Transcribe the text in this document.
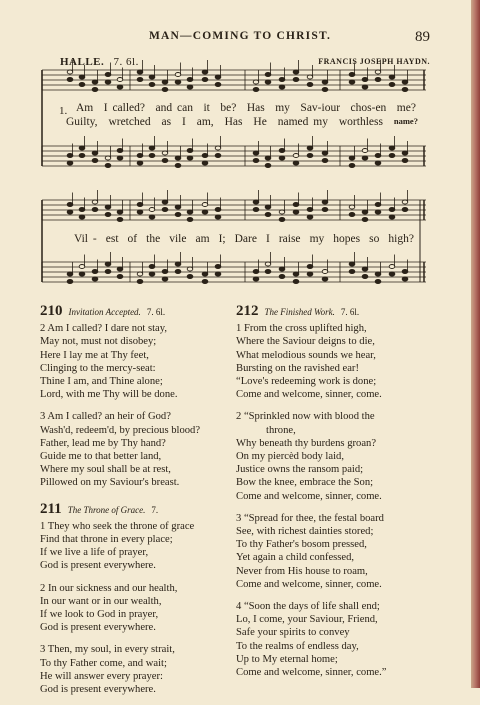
MAN—COMING TO CHRIST.	89
HALLE. 7. 6l.	FRANCIS JOSEPH HAYDN.
1. Am I called? and can it be? Has my Sav-iour chos-en me?
Guilty, wretched as I am, Has He named my worthless name?
Vil - est of the vile am I; Dare I raise my hopes so high?
210 Invitation Accepted. 7. 6l.
2 Am I called? I dare not stay,
May not, must not disobey;
Here I lay me at Thy feet,
Clinging to the mercy-seat:
Thine I am, and Thine alone;
Lord, with me Thy will be done.
3 Am I called? an heir of God?
Wash'd, redeem'd, by precious blood?
Father, lead me by Thy hand?
Guide me to that better land,
Where my soul shall be at rest,
Pillowed on my Saviour's breast.
211 The Throne of Grace. 7.
1 They who seek the throne of grace
Find that throne in every place;
If we live a life of prayer,
God is present everywhere.
2 In our sickness and our health,
In our want or in our wealth,
If we look to God in prayer,
God is present everywhere.
3 Then, my soul, in every strait,
To thy Father come, and wait;
He will answer every prayer:
God is present everywhere.
212 The Finished Work. 7. 6l.
1 From the cross uplifted high,
Where the Saviour deigns to die,
What melodious sounds we hear,
Bursting on the ravished ear!
“Love's redeeming work is done;
Come and welcome, sinner, come.
2 “Sprinkled now with blood the
throne,
Why beneath thy burdens groan?
On my piercèd body laid,
Justice owns the ransom paid;
Bow the knee, embrace the Son;
Come and welcome, sinner, come.
3 “Spread for thee, the festal board
See, with richest dainties stored;
To thy Father's bosom pressed,
Yet again a child confessed,
Never from His house to roam,
Come and welcome, sinner, come.
4 “Soon the days of life shall end;
Lo, I come, your Saviour, Friend,
Safe your spirits to convey
To the realms of endless day,
Up to My eternal home;
Come and welcome, sinner, come.”
